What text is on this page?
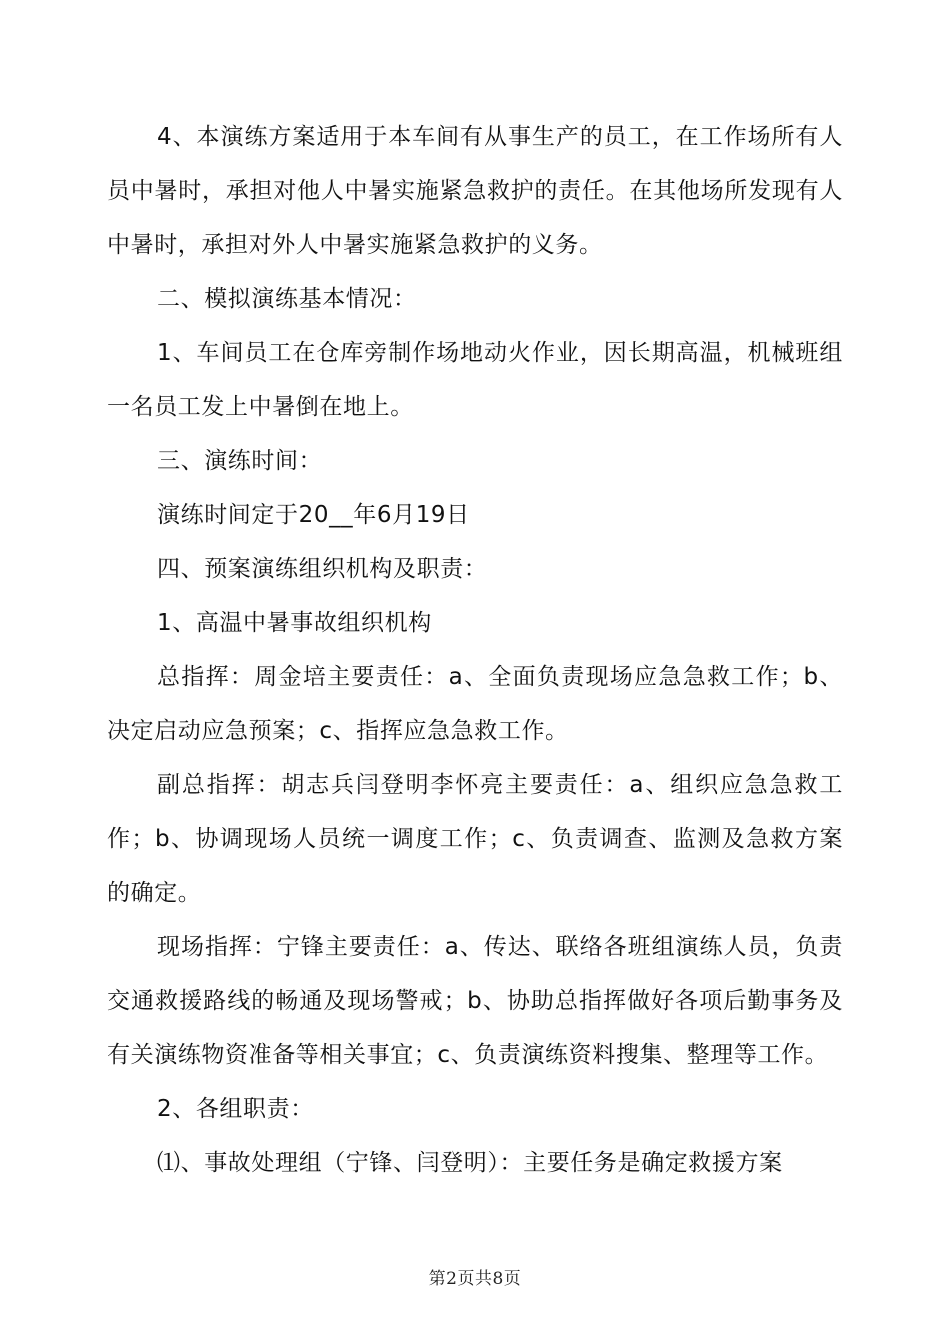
4、本演练方案适用于本车间有从事生产的员工，在工作场所有人员中暑时，承担对他人中暑实施紧急救护的责任。在其他场所发现有人中暑时，承担对外人中暑实施紧急救护的义务。

二、模拟演练基本情况：

1、车间员工在仓库旁制作场地动火作业，因长期高温，机械班组一名员工发上中暑倒在地上。

三、演练时间：

演练时间定于20__年6月19日

四、预案演练组织机构及职责：

1、高温中暑事故组织机构

总指挥：周金培主要责任：a、全面负责现场应急急救工作；b、决定启动应急预案；c、指挥应急急救工作。

副总指挥：胡志兵闫登明李怀亮主要责任：a、组织应急急救工作；b、协调现场人员统一调度工作；c、负责调查、监测及急救方案的确定。

现场指挥：宁锋主要责任：a、传达、联络各班组演练人员，负责交通救援路线的畅通及现场警戒；b、协助总指挥做好各项后勤事务及有关演练物资准备等相关事宜；c、负责演练资料搜集、整理等工作。

2、各组职责：

⑴、事故处理组（宁锋、闫登明）：主要任务是确定救援方案

第2页共8页
